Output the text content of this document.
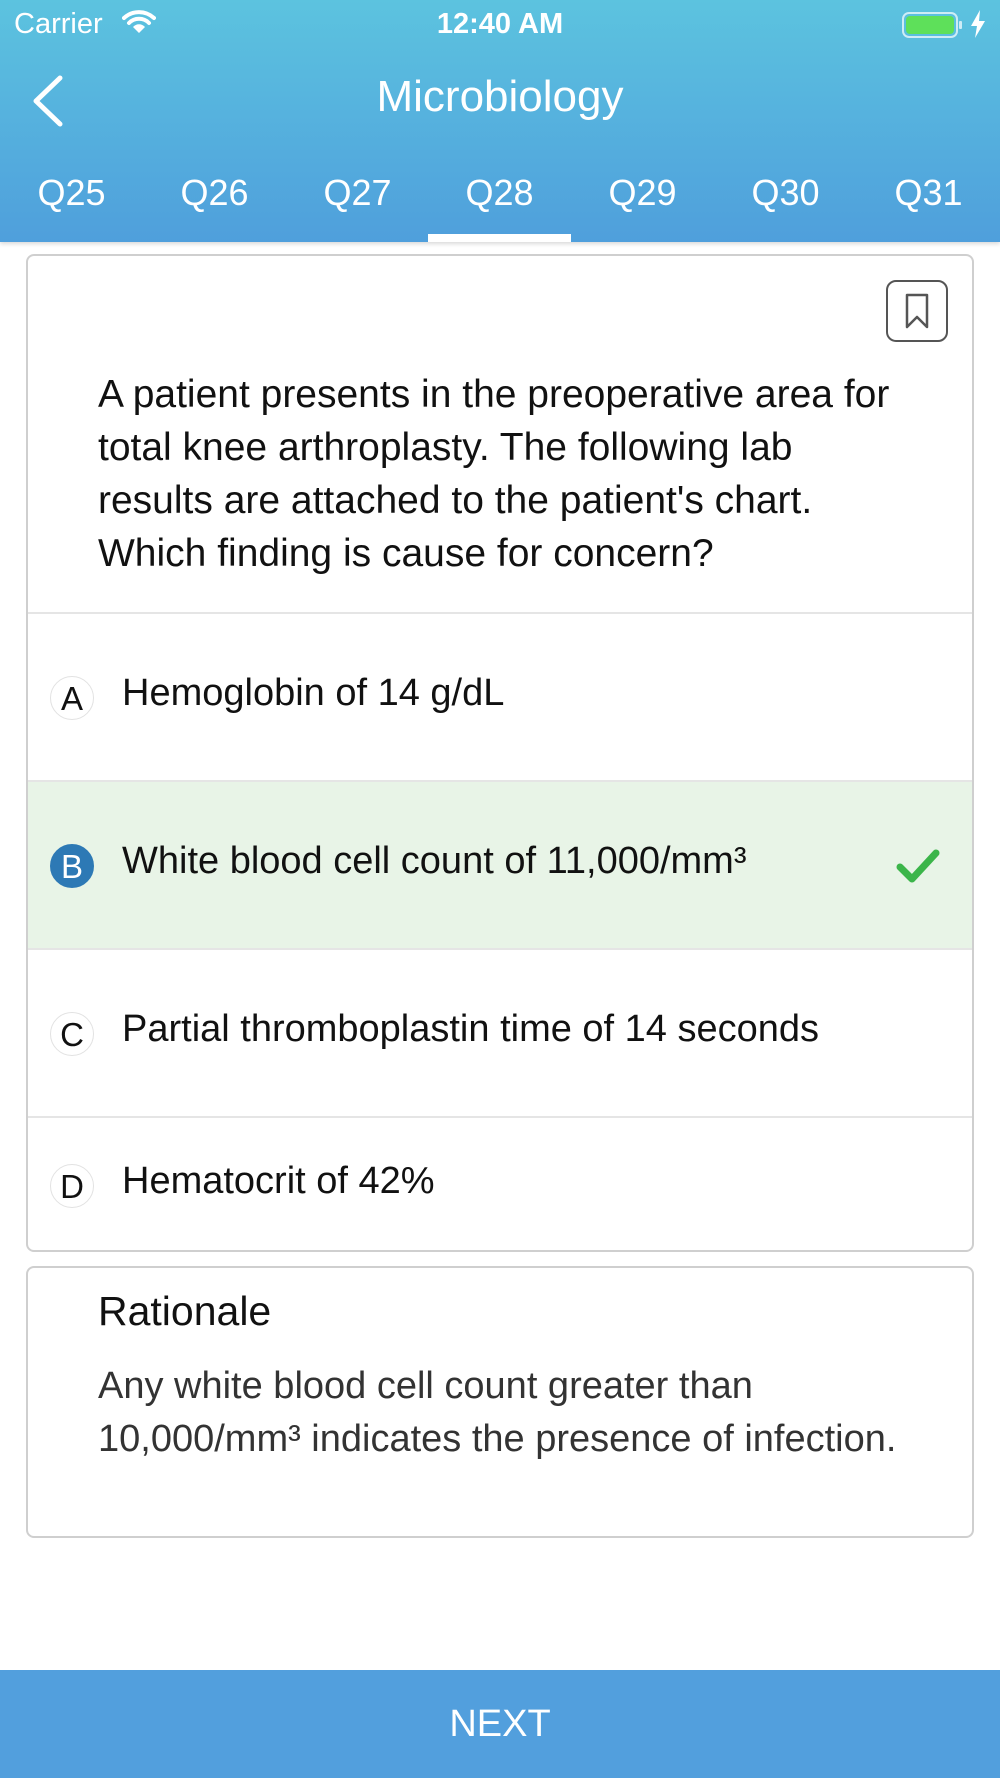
Carrier	12:40 AM
Microbiology
Q25	Q26	Q27	Q28	Q29	Q30	Q31
A patient presents in the preoperative area for total knee arthroplasty. The following lab results are attached to the patient's chart. Which finding is cause for concern?
A Hemoglobin of 14 g/dL
B White blood cell count of 11,000/mm³
C Partial thromboplastin time of 14 seconds
D Hematocrit of 42%
Rationale
Any white blood cell count greater than 10,000/mm³ indicates the presence of infection.
NEXT
